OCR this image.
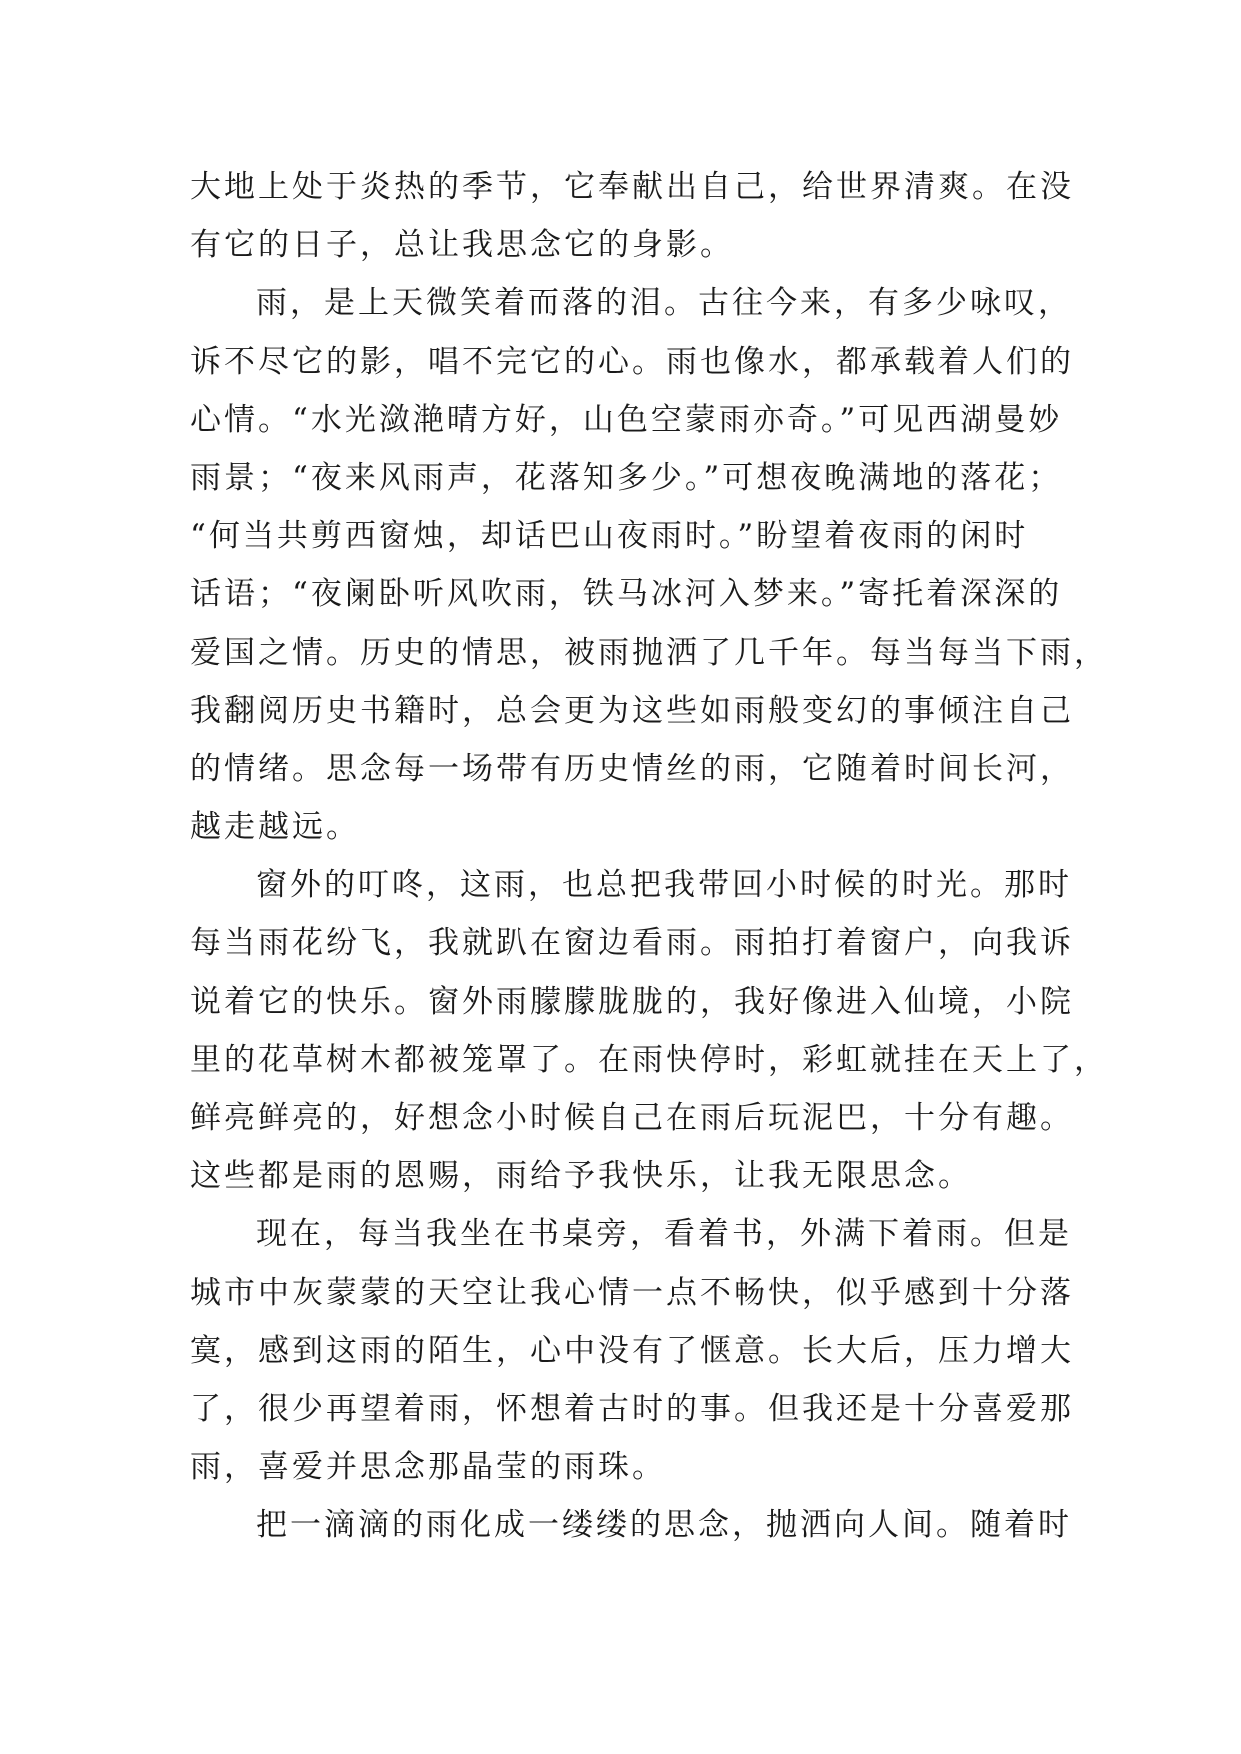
大地上处于炎热的季节，它奉献出自己，给世界清爽。在没
有它的日子，总让我思念它的身影。
雨，是上天微笑着而落的泪。古往今来，有多少咏叹，
诉不尽它的影，唱不完它的心。雨也像水，都承载着人们的
心情。“水光潋滟晴方好，山色空蒙雨亦奇。”可见西湖曼妙
雨景；“夜来风雨声，花落知多少。”可想夜晚满地的落花；
“何当共剪西窗烛，却话巴山夜雨时。”盼望着夜雨的闲时
话语；“夜阑卧听风吹雨，铁马冰河入梦来。”寄托着深深的
爱国之情。历史的情思，被雨抛洒了几千年。每当每当下雨，
我翻阅历史书籍时，总会更为这些如雨般变幻的事倾注自己
的情绪。思念每一场带有历史情丝的雨，它随着时间长河，
越走越远。
窗外的叮咚，这雨，也总把我带回小时候的时光。那时
每当雨花纷飞，我就趴在窗边看雨。雨拍打着窗户，向我诉
说着它的快乐。窗外雨朦朦胧胧的，我好像进入仙境，小院
里的花草树木都被笼罩了。在雨快停时，彩虹就挂在天上了，
鲜亮鲜亮的，好想念小时候自己在雨后玩泥巴，十分有趣。
这些都是雨的恩赐，雨给予我快乐，让我无限思念。
现在，每当我坐在书桌旁，看着书，外满下着雨。但是
城市中灰蒙蒙的天空让我心情一点不畅快，似乎感到十分落
寞，感到这雨的陌生，心中没有了惬意。长大后，压力增大
了，很少再望着雨，怀想着古时的事。但我还是十分喜爱那
雨，喜爱并思念那晶莹的雨珠。
把一滴滴的雨化成一缕缕的思念，抛洒向人间。随着时
